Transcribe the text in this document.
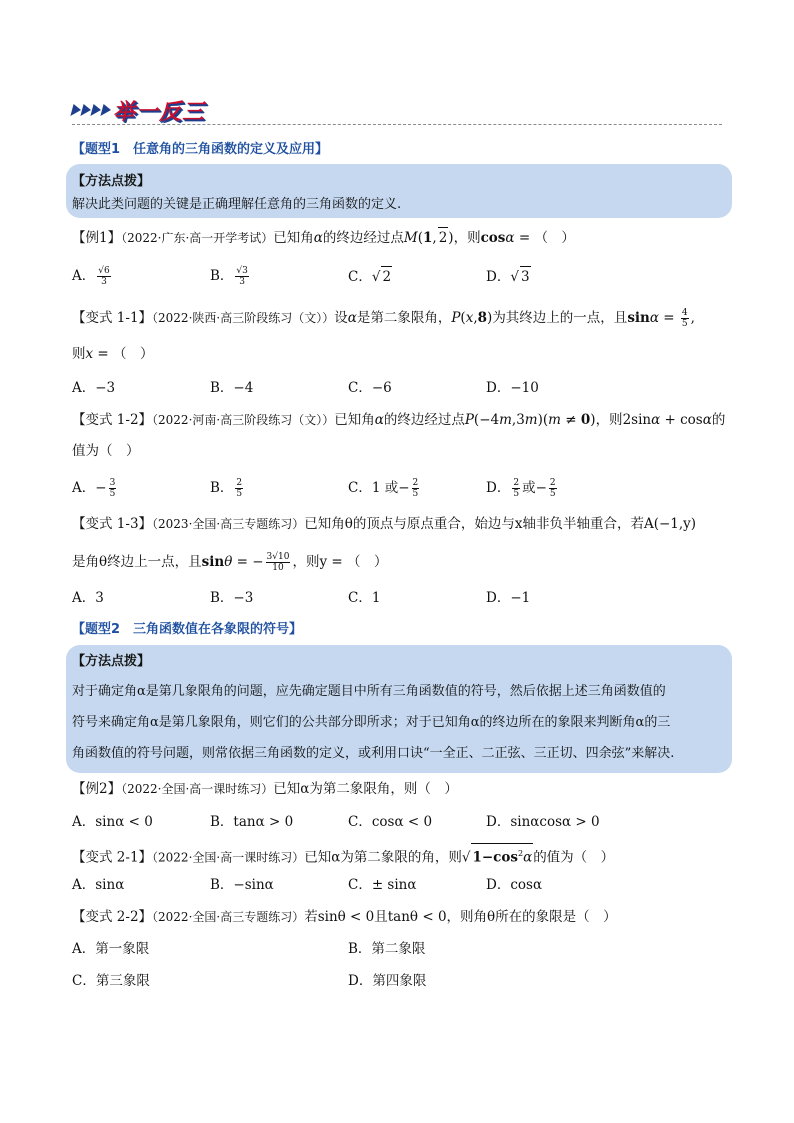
举一反三
【题型1　任意角的三角函数的定义及应用】
【方法点拨】
解决此类问题的关键是正确理解任意角的三角函数的定义.
【例1】（2022·广东·高一开学考试）已知角α的终边经过点M(1, 2)，则cosα = （　）
A． $\frac{√6}{3}$	B． $\frac{√3}{3}$	C．√ 2	D．√ 3
【变式 1-1】（2022·陕西·高三阶段练习（文））设α是第二象限角，P(x,8)为其终边上的一点，且$\sin\alpha = \frac{4}{5}$ ,
则x = （　）
A．−3	B．−4	C．−6	D．−10
【变式 1-2】（2022·河南·高三阶段练习（文））已知角α的终边经过点P(−4m,3m)(m ≠ 0)，则2sinα + cosα的
值为（　）
A．− $\frac{3}{5}$	B． $\frac{2}{5}$	C．1 或− $\frac{2}{5}$	D． $\frac{2}{5}$ 或− $\frac{2}{5}$
【变式 1-3】（2023·全国·高三专题练习）已知角θ的顶点与原点重合，始边与x轴非负半轴重合，若A(−1,y)
是角θ终边上一点，且sinθ = − $\frac{3√10}{10}$ ，则y = （　）
A．3	B．−3	C．1	D．−1
【题型2　三角函数值在各象限的符号】
【方法点拨】
对于确定角α是第几象限角的问题，应先确定题目中所有三角函数值的符号，然后依据上述三角函数值的
符号来确定角α是第几象限角，则它们的公共部分即所求；对于已知角α的终边所在的象限来判断角α的三
角函数值的符号问题，则常依据三角函数的定义，或利用口诀“一全正、二正弦、三正切、四余弦”来解决.
【例2】（2022·全国·高一课时练习）已知α为第二象限角，则（　）
A．sinα < 0	B．tanα > 0	C．cosα < 0	D．sinαcosα > 0
【变式 2-1】（2022·全国·高一课时练习）已知α为第二象限的角，则√ $1-\cos^2\alpha$的值为（　）
A．sinα	B．−sinα	C．± sinα	D．cosα
【变式 2-2】（2022·全国·高三专题练习）若sinθ < 0且tanθ < 0，则角θ所在的象限是（　）
A．第一象限	B．第二象限
C．第三象限	D．第四象限
